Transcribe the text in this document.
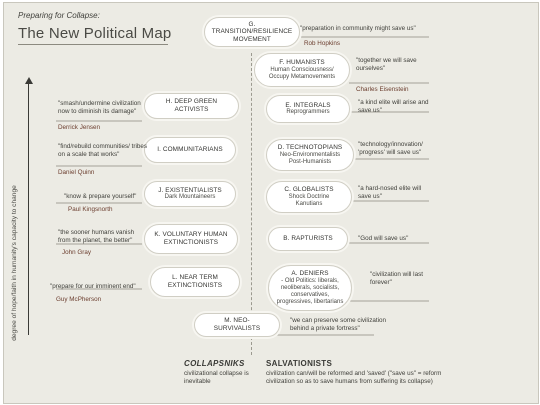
Preparing for Collapse:
The New Political Map
degree of hope/faith in humanity's capacity to change
G. TRANSITION/RESILIENCE MOVEMENT
F. HUMANISTS
Human Consciousness/ Occupy Metamovements
H. DEEP GREEN ACTIVISTS
E. INTEGRALS
Reprogrammers
I. COMMUNITARIANS	D. TECHNOTOPIANS
Neo-Environmentalists Post-Humanists
J. EXISTENTIALISTS
Dark Mountaineers
C. GLOBALISTS
Shock Doctrine Kanutians
K. VOLUNTARY HUMAN EXTINCTIONISTS
B. RAPTURISTS
L. NEAR TERM EXTINCTIONISTS
A. DENIERS
- Old Politics: liberals, neoliberals, socialists, conservatives, progressives, libertarians
M. NEO-SURVIVALISTS
"preparation in community might save us"
Rob Hopkins
"together we will save ourselves"
Charles Eisenstein
"a kind elite will arise and save us"
"technology/innovation/ 'progress' will save us"
"a hard-nosed elite will save us"
"God will save us"
"civilization will last forever"
"we can preserve some civilization behind a private fortress"
"smash/undermine civilization now to diminish its damage"
Derrick Jensen
"find/rebuild communities/ tribes on a scale that works"
Daniel Quinn
"know & prepare yourself"
Paul Kingsnorth
"the sooner humans vanish from the planet, the better"
John Gray
"prepare for our imminent end"
Guy McPherson
COLLAPSNIKS
civilizational collapse is inevitable
SALVATIONISTS
civilization can/will be reformed and 'saved' ("save us" = reform civilization so as to save humans from suffering its collapse)
